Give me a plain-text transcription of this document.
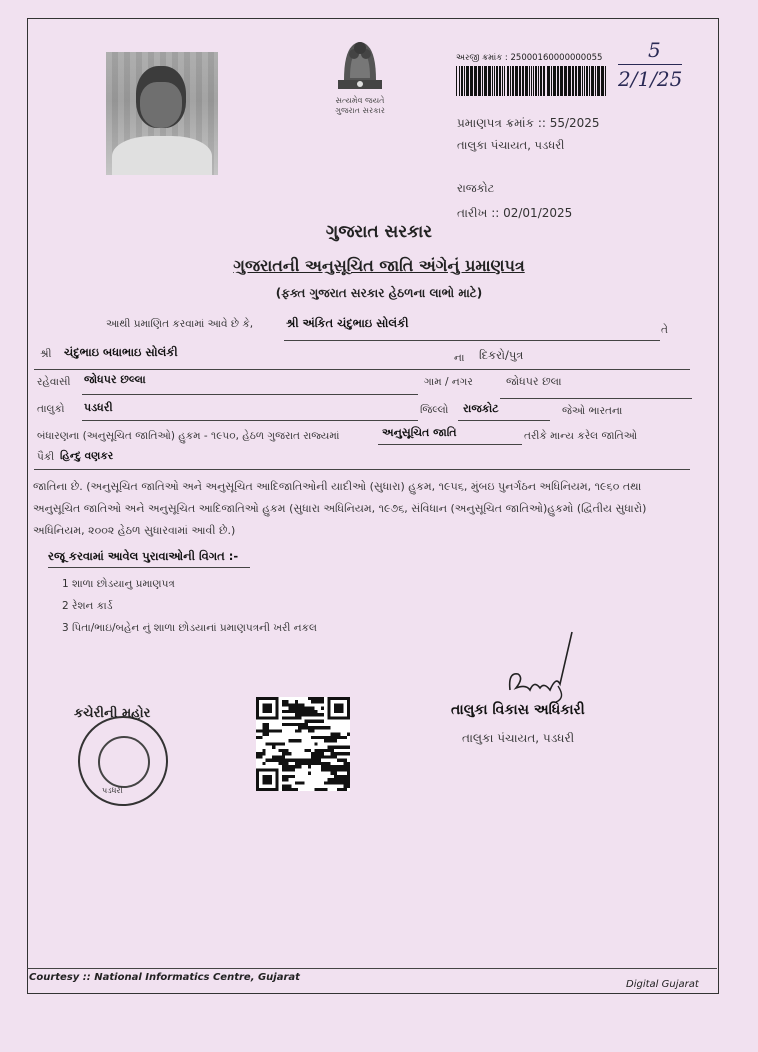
સત્યમેવ જયતે
ગુજરાત સરકાર
અરજી ક્રમાંક : 25000160000000055 5
2/1/25
પ્રમાણપત્ર ક્રમાંક :: 55/2025
તાલુકા પંચાયત, પડધરી
રાજકોટ
તારીખ :: 02/01/2025
ગુજરાત સરકાર
ગુજરાતની અનુસૂચિત જાતિ અંગેનું પ્રમાણપત્ર
(ફક્ત ગુજરાત સરકાર હેઠળના લાભો માટે)
આથી પ્રમાણિત કરવામાં આવે છે કે,	શ્રી અંકિત ચંદુભાઇ સોલંકી	તે
શ્રી ચંદુભાઇ બધાભાઇ સોલંકી	ના દિકરો/પુત્ર
રહેવાસી જોધપર છલ્લા	ગામ / નગર	જોધપર છલા
તાલુકો પડધરી	જિલ્લો રાજકોટ	જેઓ ભારતના
બંધારણના (અનુસૂચિત જાતિઓ) હુકમ - ૧૯૫૦, હેઠળ ગુજરાત રાજ્યમાં	અનુસૂચિત જાતિ	તરીકે માન્ય કરેલ જાતિઓ
પૈકી હિન્દુ વણકર
જાતિના છે. (અનુસૂચિત જાતિઓ અને અનુસૂચિત આદિજાતિઓની યાદીઓ (સુધારા) હુકમ, ૧૯૫૬, મુંબઇ પુનર્ગઠન અધિનિયમ, ૧૯૬૦ તથા
અનુસૂચિત જાતિઓ અને અનુસૂચિત આદિજાતિઓ હુકમ (સુધારા અધિનિયમ, ૧૯૭૬, સંવિધાન (અનુસૂચિત જાતિઓ)હુકમો (દ્વિતીય સુધારો)
અધિનિયમ, ૨૦૦૨ હેઠળ સુધારવામાં આવી છે.)
રજૂ કરવામાં આવેલ પુરાવાઓની વિગત :-
1 શાળા છોડયાનુ પ્રમાણપત્ર
2 રેશન કાર્ડ
3 પિતા/ભાઇ/બહેન નું શાળા છોડયાનાં પ્રમાણપત્રની ખરી નકલ
તાલુકા વિકાસ અધિકારી
તાલુકા પંચાયત, પડધરી
કચેરીની મહોર
પડધરી
Courtesy :: National Informatics Centre, Gujarat
Digital Gujarat
